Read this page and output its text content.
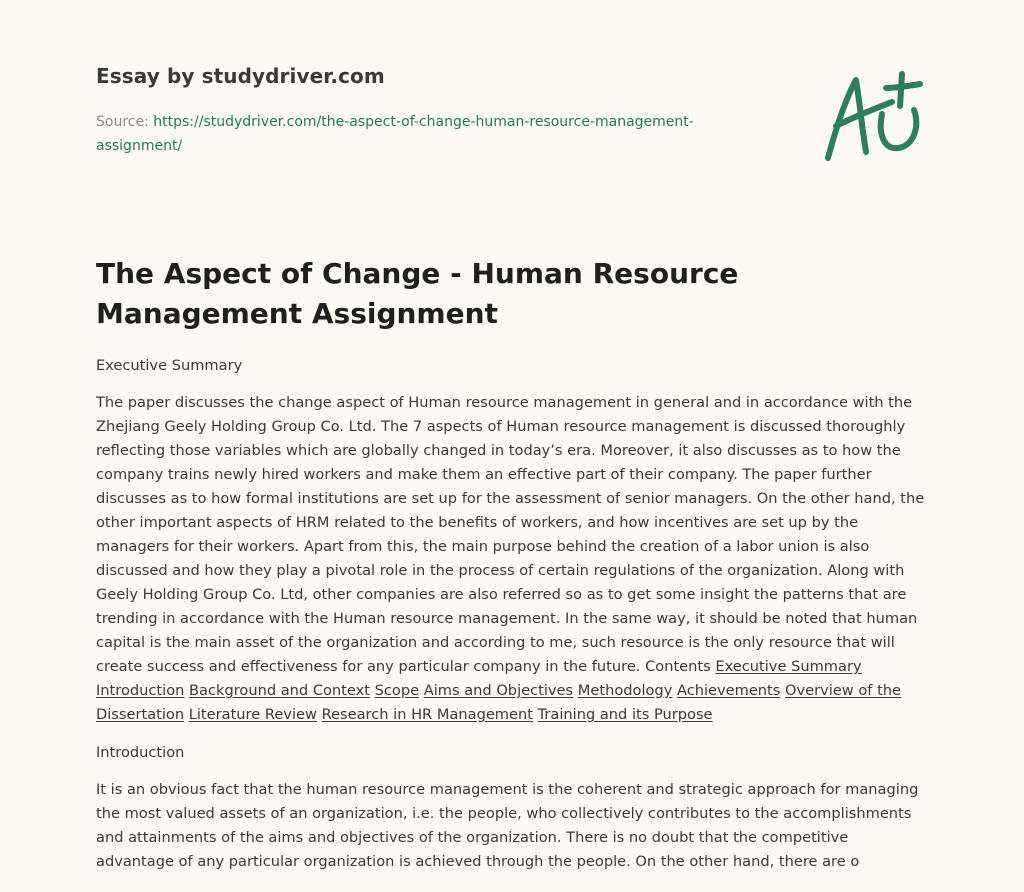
Essay by studydriver.com
Source: https://studydriver.com/the-aspect-of-change-human-resource-management-assignment/
The Aspect of Change - Human Resource Management Assignment

Executive Summary

The paper discusses the change aspect of Human resource management in general and in accordance with the Zhejiang Geely Holding Group Co. Ltd. The 7 aspects of Human resource management is discussed thoroughly reflecting those variables which are globally changed in today’s era. Moreover, it also discusses as to how the company trains newly hired workers and make them an effective part of their company. The paper further discusses as to how formal institutions are set up for the assessment of senior managers. On the other hand, the other important aspects of HRM related to the benefits of workers, and how incentives are set up by the managers for their workers. Apart from this, the main purpose behind the creation of a labor union is also discussed and how they play a pivotal role in the process of certain regulations of the organization. Along with Geely Holding Group Co. Ltd, other companies are also referred so as to get some insight the patterns that are trending in accordance with the Human resource management. In the same way, it should be noted that human capital is the main asset of the organization and according to me, such resource is the only resource that will create success and effectiveness for any particular company in the future. Contents Executive Summary Introduction Background and Context Scope Aims and Objectives Methodology Achievements Overview of the Dissertation Literature Review Research in HR Management Training and its Purpose

Introduction

It is an obvious fact that the human resource management is the coherent and strategic approach for managing the most valued assets of an organization, i.e. the people, who collectively contributes to the accomplishments and attainments of the aims and objectives of the organization. There is no doubt that the competitive advantage of any particular organization is achieved through the people. On the other hand, there are o
